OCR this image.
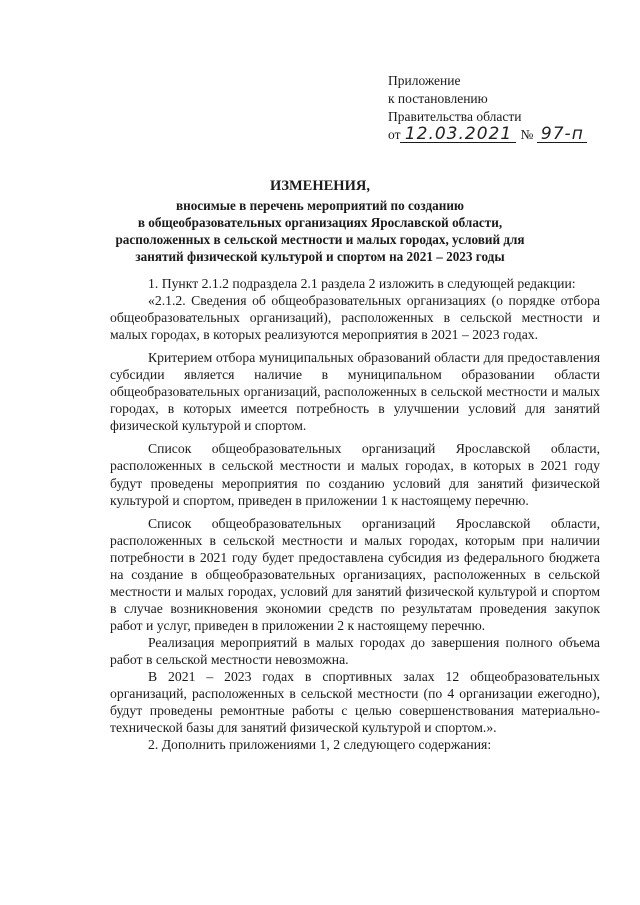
Приложение
к постановлению
Правительства области
от 12.03.2021 № 97-п
ИЗМЕНЕНИЯ,
вносимые в перечень мероприятий по созданию
в общеобразовательных организациях Ярославской области,
расположенных в сельской местности и малых городах, условий для
занятий физической культурой и спортом на 2021 – 2023 годы

1. Пункт 2.1.2 подраздела 2.1 раздела 2 изложить в следующей редакции:

«2.1.2. Сведения об общеобразовательных организациях (о порядке отбора общеобразовательных организаций), расположенных в сельской местности и малых городах, в которых реализуются мероприятия в 2021 – 2023 годах.

Критерием отбора муниципальных образований области для предоставления субсидии является наличие в муниципальном образовании области общеобразовательных организаций, расположенных в сельской местности и малых городах, в которых имеется потребность в улучшении условий для занятий физической культурой и спортом.

Список общеобразовательных организаций Ярославской области, расположенных в сельской местности и малых городах, в которых в 2021 году будут проведены мероприятия по созданию условий для занятий физической культурой и спортом, приведен в приложении 1 к настоящему перечню.

Список общеобразовательных организаций Ярославской области, расположенных в сельской местности и малых городах, которым при наличии потребности в 2021 году будет предоставлена субсидия из федерального бюджета на создание в общеобразовательных организациях, расположенных в сельской местности и малых городах, условий для занятий физической культурой и спортом в случае возникновения экономии средств по результатам проведения закупок работ и услуг, приведен в приложении 2 к настоящему перечню.

Реализация мероприятий в малых городах до завершения полного объема работ в сельской местности невозможна.

В 2021 – 2023 годах в спортивных залах 12 общеобразовательных организаций, расположенных в сельской местности (по 4 организации ежегодно), будут проведены ремонтные работы с целью совершенствования материально-технической базы для занятий физической культурой и спортом.».

2. Дополнить приложениями 1, 2 следующего содержания:
